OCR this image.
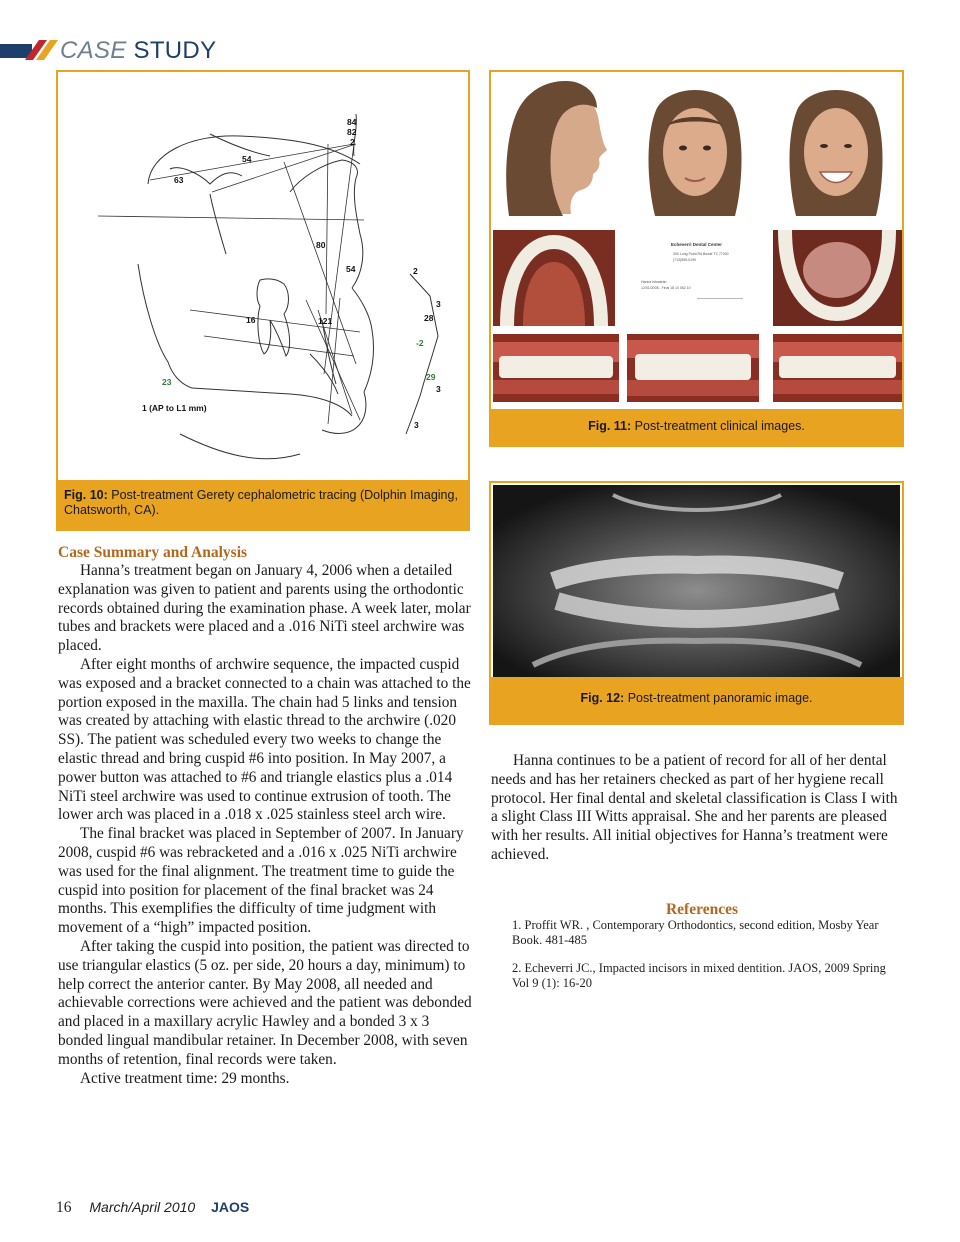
CASE STUDY
84
82
2
54
63
80
54	2
3
28
16	121
1 (AP to L1 mm)
3
3
-2
23	29
Fig. 10: Post-treatment Gerety cephalometric tracing (Dolphin Imaging, Chatsworth, CA).
Echeverri Dental Center
300 Long Point Rd Bowie TX 77000
(713)555-0199
Hanna Ishwaran
12/01/2008 - Final 18 10 062 10
Fig. 11: Post-treatment clinical images.
Fig. 12: Post-treatment panoramic image.
Case Summary and Analysis

Hanna’s treatment began on January 4, 2006 when a detailed explanation was given to patient and parents using the orthodontic records obtained during the examination phase. A week later, molar tubes and brackets were placed and a .016 NiTi steel archwire was placed.

After eight months of archwire sequence, the impacted cuspid was exposed and a bracket connected to a chain was attached to the portion exposed in the maxilla. The chain had 5 links and tension was created by attaching with elastic thread to the archwire (.020 SS). The patient was scheduled every two weeks to change the elastic thread and bring cuspid #6 into position. In May 2007, a power button was attached to #6 and triangle elastics plus a .014 NiTi steel archwire was used to continue extrusion of tooth. The lower arch was placed in a .018 x .025 stainless steel arch wire.

The final bracket was placed in September of 2007. In January 2008, cuspid #6 was rebracketed and a .016 x .025 NiTi archwire was used for the final alignment. The treatment time to guide the cuspid into position for placement of the final bracket was 24 months. This exemplifies the difficulty of time judgment with movement of a “high” impacted position.

After taking the cuspid into position, the patient was directed to use triangular elastics (5 oz. per side, 20 hours a day, minimum) to help correct the anterior canter. By May 2008, all needed and achievable corrections were achieved and the patient was debonded and placed in a maxillary acrylic Hawley and a bonded 3 x 3 bonded lingual mandibular retainer. In December 2008, with seven months of retention, final records were taken.

Active treatment time: 29 months.

Hanna continues to be a patient of record for all of her dental needs and has her retainers checked as part of her hygiene recall protocol. Her final dental and skeletal classification is Class I with a slight Class III Witts appraisal. She and her parents are pleased with her results. All initial objectives for Hanna’s treatment were achieved.

References
1. Proffit WR. , Contemporary Orthodontics, second edition, Mosby Year Book. 481-485
2. Echeverri JC., Impacted incisors in mixed dentition. JAOS, 2009 Spring Vol 9 (1): 16-20
16 March/April 2010 JAOS
